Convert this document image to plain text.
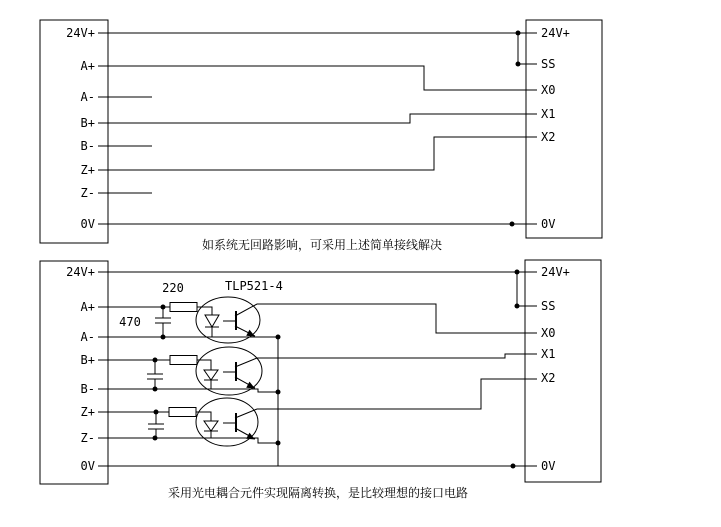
24V+
A+
A-
B+
B-
Z+
Z-
0V
24V+
SS
X0
X1
X2
0V
如系统无回路影响，可采用上述简单接线解决
24V+
A+
A-
B+
B-
Z+
Z-
0V
24V+
SS
X0
X1
X2
0V
220
470
TLP521-4
采用光电耦合元件实现隔离转换，是比较理想的接口电路
